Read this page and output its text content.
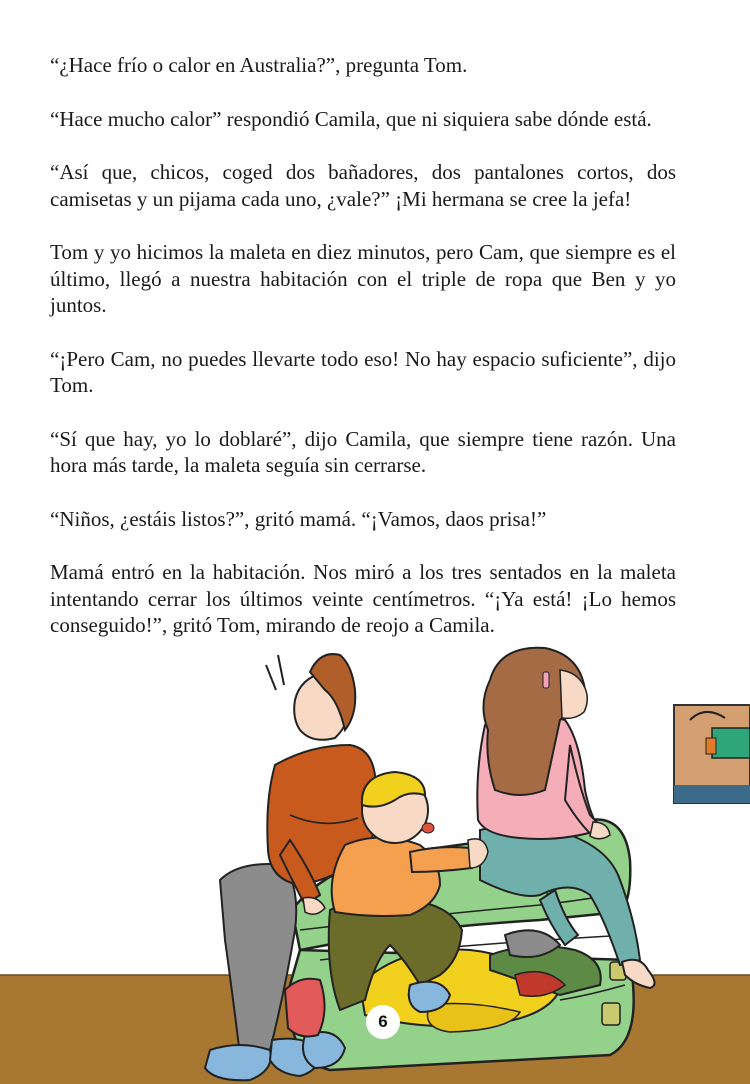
“¿Hace frío o calor en Australia?”, pregunta Tom.

“Hace mucho calor” respondió Camila, que ni siquiera sabe dónde está.

“Así que, chicos, coged dos bañadores, dos pantalones cortos, dos camisetas y un pijama cada uno, ¿vale?” ¡Mi hermana se cree la jefa!

Tom y yo hicimos la maleta en diez minutos, pero Cam, que siempre es el último, llegó a nuestra habitación con el triple de ropa que Ben y yo juntos.

“¡Pero Cam, no puedes llevarte todo eso! No hay espacio suficiente”, dijo Tom.

“Sí que hay, yo lo doblaré”, dijo Camila, que siempre tiene razón. Una hora más tarde, la maleta seguía sin cerrarse.

“Niños, ¿estáis listos?”, gritó mamá. “¡Vamos, daos prisa!”

Mamá entró en la habitación. Nos miró a los tres sentados en la maleta intentando cerrar los últimos veinte centímetros. “¡Ya está! ¡Lo hemos conseguido!”, gritó Tom, mirando de reojo a Camila.

6
